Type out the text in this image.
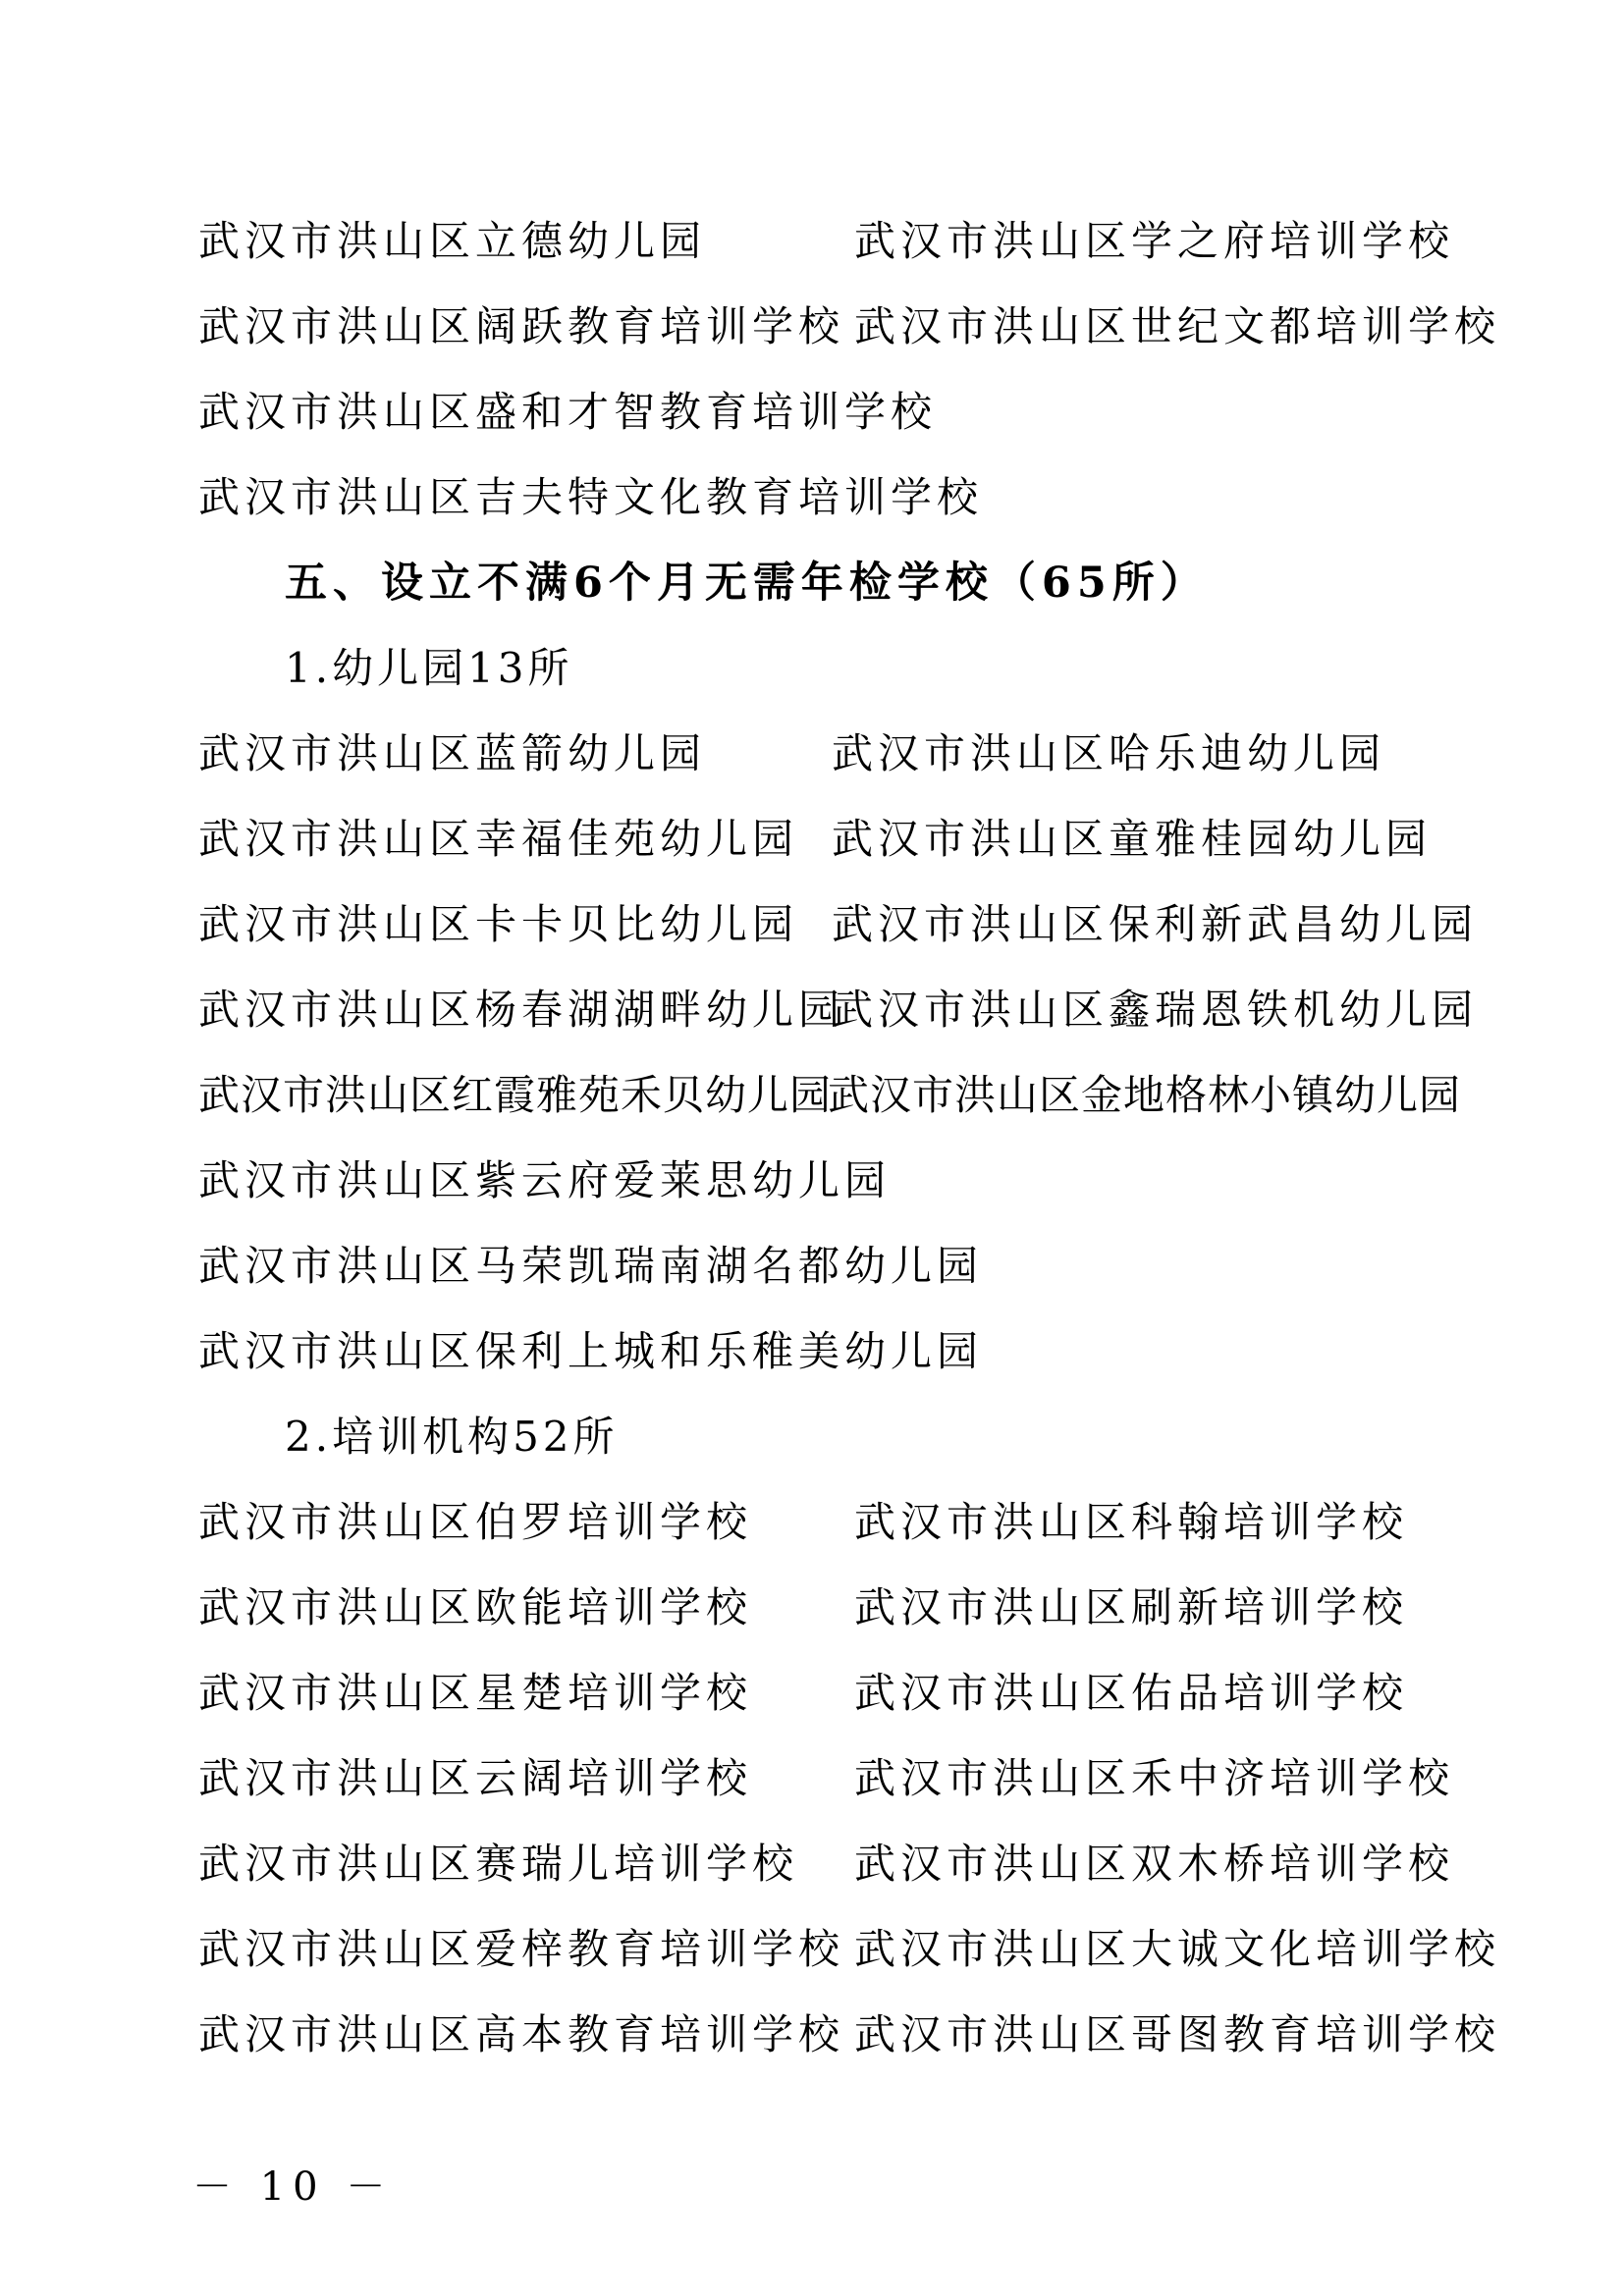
武汉市洪山区立德幼儿园	武汉市洪山区学之府培训学校
武汉市洪山区阔跃教育培训学校 武汉市洪山区世纪文都培训学校
武汉市洪山区盛和才智教育培训学校
武汉市洪山区吉夫特文化教育培训学校
五、设立不满6个月无需年检学校（65所）
1.幼儿园13所
武汉市洪山区蓝箭幼儿园	武汉市洪山区哈乐迪幼儿园
武汉市洪山区幸福佳苑幼儿园 武汉市洪山区童雅桂园幼儿园
武汉市洪山区卡卡贝比幼儿园 武汉市洪山区保利新武昌幼儿园
武汉市洪山区杨春湖湖畔幼儿园
武汉市洪山区鑫瑞恩铁机幼儿园
武汉市洪山区红霞雅苑禾贝幼儿园
武汉市洪山区金地格林小镇幼儿园
武汉市洪山区紫云府爱莱思幼儿园
武汉市洪山区马荣凯瑞南湖名都幼儿园
武汉市洪山区保利上城和乐稚美幼儿园
2.培训机构52所
武汉市洪山区伯罗培训学校 武汉市洪山区科翰培训学校
武汉市洪山区欧能培训学校 武汉市洪山区刷新培训学校
武汉市洪山区星楚培训学校 武汉市洪山区佑品培训学校
武汉市洪山区云阔培训学校 武汉市洪山区禾中济培训学校
武汉市洪山区赛瑞儿培训学校 武汉市洪山区双木桥培训学校
武汉市洪山区爱梓教育培训学校 武汉市洪山区大诚文化培训学校
武汉市洪山区高本教育培训学校 武汉市洪山区哥图教育培训学校
－ 10 －
